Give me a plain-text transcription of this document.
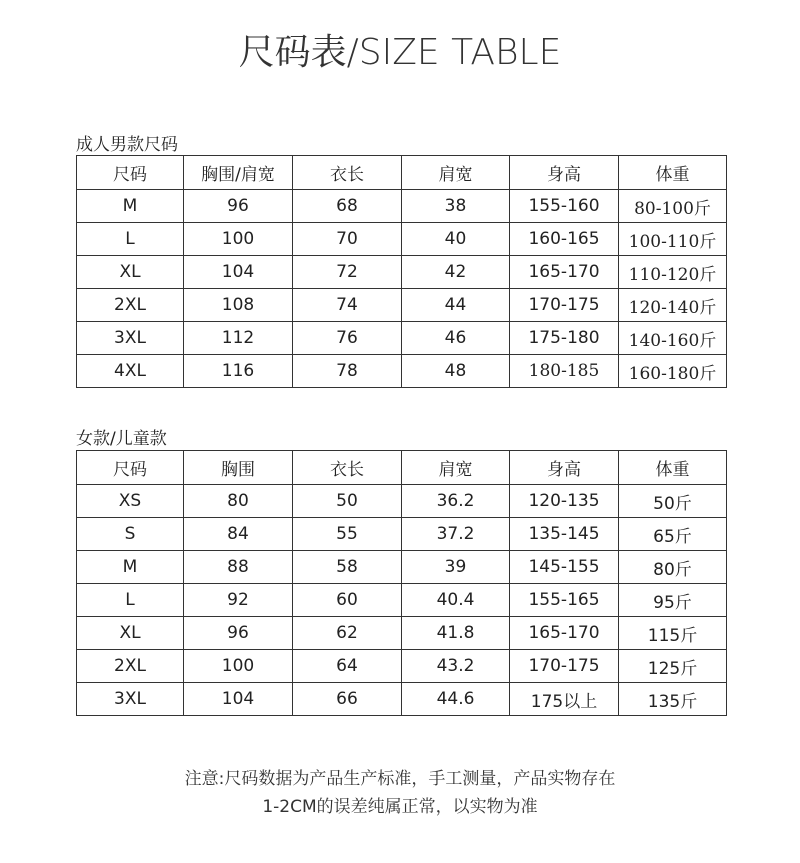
尺码表/SIZE TABLE
成人男款尺码
尺码	胸围/肩宽	衣长	肩宽	身高	体重
M	96	68	38	155-160	80-100斤
L	100	70	40	160-165	100-110斤
XL	104	72	42	165-170	110-120斤
2XL	108	74	44	170-175	120-140斤
3XL	112	76	46	175-180	140-160斤
4XL	116	78	48	180-185	160-180斤
女款/儿童款
尺码	胸围	衣长	肩宽	身高	体重
XS	80	50	36.2	120-135	50斤
S	84	55	37.2	135-145	65斤
M	88	58	39	145-155	80斤
L	92	60	40.4	155-165	95斤
XL	96	62	41.8	165-170	115斤
2XL	100	64	43.2	170-175	125斤
3XL	104	66	44.6	175以上	135斤
注意:尺码数据为产品生产标准，手工测量，产品实物存在
1-2CM的误差纯属正常，以实物为准
